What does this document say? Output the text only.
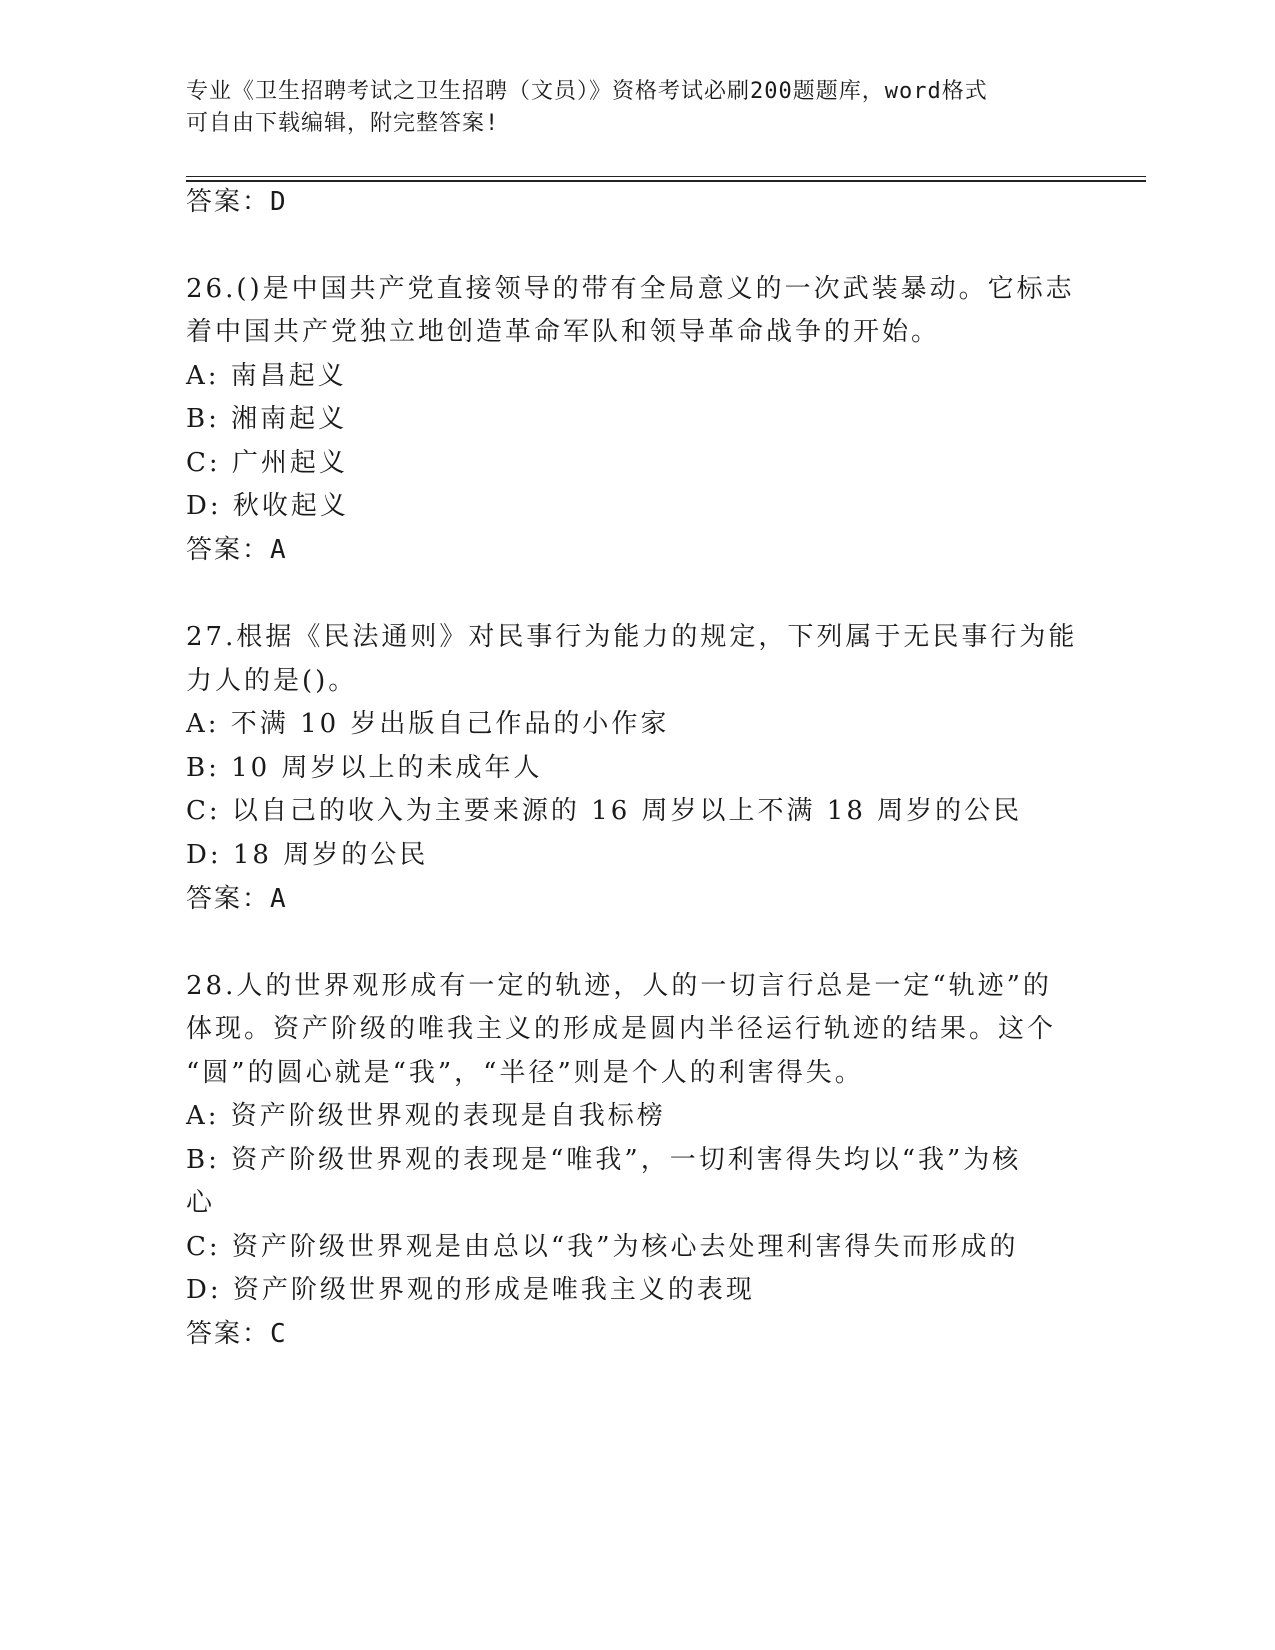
专业《卫生招聘考试之卫生招聘（文员）》资格考试必刷200题题库，word格式
可自由下载编辑，附完整答案!
答案：D
26.()是中国共产党直接领导的带有全局意义的一次武装暴动。它标志
着中国共产党独立地创造革命军队和领导革命战争的开始。
A: 南昌起义
B: 湘南起义
C: 广州起义
D: 秋收起义
答案：A
27.根据《民法通则》对民事行为能力的规定，下列属于无民事行为能
力人的是()。
A: 不满 10 岁出版自己作品的小作家
B: 10 周岁以上的未成年人
C: 以自己的收入为主要来源的 16 周岁以上不满 18 周岁的公民
D: 18 周岁的公民
答案：A
28.人的世界观形成有一定的轨迹，人的一切言行总是一定“轨迹”的
体现。资产阶级的唯我主义的形成是圆内半径运行轨迹的结果。这个
“圆”的圆心就是“我”，“半径”则是个人的利害得失。
A: 资产阶级世界观的表现是自我标榜
B: 资产阶级世界观的表现是“唯我”，一切利害得失均以“我”为核
心
C: 资产阶级世界观是由总以“我”为核心去处理利害得失而形成的
D: 资产阶级世界观的形成是唯我主义的表现
答案：C
